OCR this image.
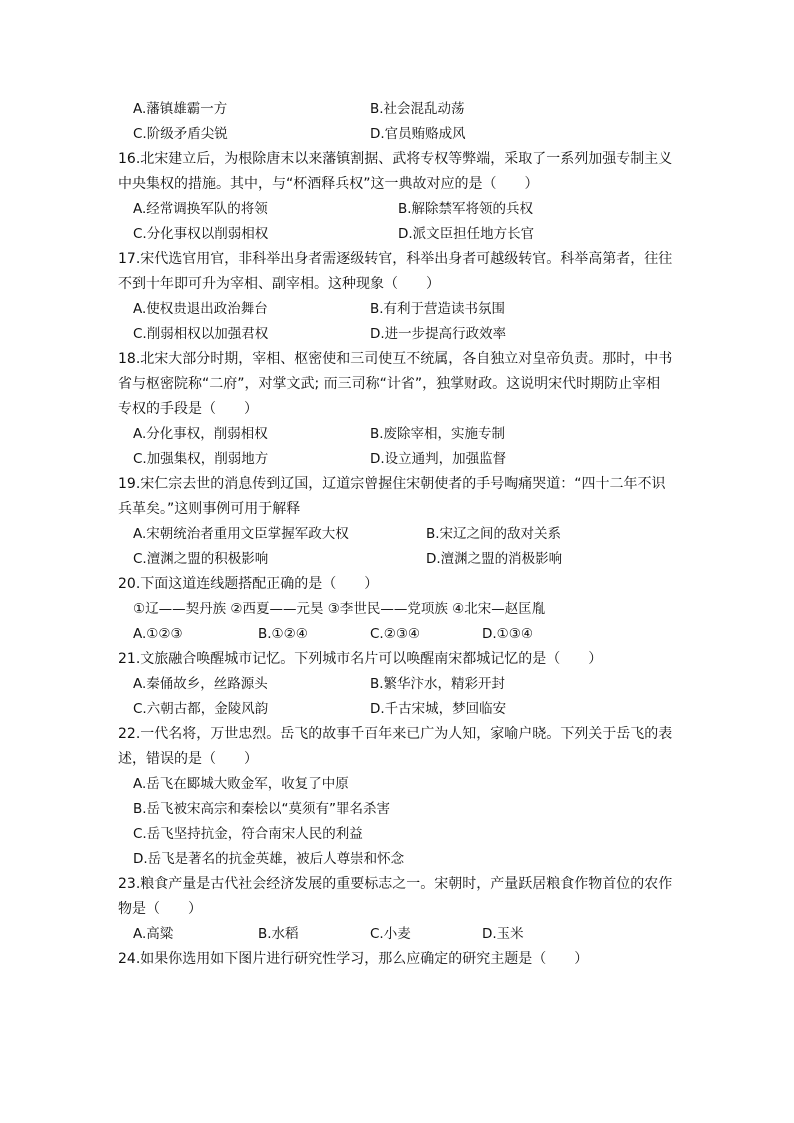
A.藩镇雄霸一方	B.社会混乱动荡
C.阶级矛盾尖锐	D.官员贿赂成风
16.北宋建立后，为根除唐末以来藩镇割据、武将专权等弊端，采取了一系列加强专制主义
中央集权的措施。其中，与“杯酒释兵权”这一典故对应的是（　　）
A.经常调换军队的将领	B.解除禁军将领的兵权
C.分化事权以削弱相权	D.派文臣担任地方长官
17.宋代选官用官，非科举出身者需逐级转官，科举出身者可越级转官。科举高第者，往往
不到十年即可升为宰相、副宰相。这种现象（　　）
A.使权贵退出政治舞台	B.有利于营造读书氛围
C.削弱相权以加强君权	D.进一步提高行政效率
18.北宋大部分时期，宰相、枢密使和三司使互不统属，各自独立对皇帝负责。那时，中书
省与枢密院称“二府”，对掌文武; 而三司称“计省”，独掌财政。这说明宋代时期防止宰相
专权的手段是（　　）
A.分化事权，削弱相权	B.废除宰相，实施专制
C.加强集权，削弱地方	D.设立通判，加强监督
19.宋仁宗去世的消息传到辽国，辽道宗曾握住宋朝使者的手号啕痛哭道：“四十二年不识
兵革矣。”这则事例可用于解释
A.宋朝统治者重用文臣掌握军政大权	B.宋辽之间的敌对关系
C.澶渊之盟的积极影响	D.澶渊之盟的消极影响
20.下面这道连线题搭配正确的是（　　）
①辽——契丹族 ②西夏——元昊 ③李世民——党项族 ④北宋—赵匡胤
A.①②③	B.①②④	C.②③④	D.①③④
21.文旅融合唤醒城市记忆。下列城市名片可以唤醒南宋都城记忆的是（　　）
A.秦俑故乡，丝路源头	B.繁华汴水，精彩开封
C.六朝古都，金陵风韵	D.千古宋城，梦回临安
22.一代名将，万世忠烈。岳飞的故事千百年来已广为人知，家喻户晓。下列关于岳飞的表
述，错误的是（　　）
A.岳飞在郾城大败金军，收复了中原
B.岳飞被宋高宗和秦桧以“莫须有”罪名杀害
C.岳飞坚持抗金，符合南宋人民的利益
D.岳飞是著名的抗金英雄，被后人尊崇和怀念
23.粮食产量是古代社会经济发展的重要标志之一。宋朝时，产量跃居粮食作物首位的农作
物是（　　）
A.高粱	B.水稻	C.小麦	D.玉米
24.如果你选用如下图片进行研究性学习，那么应确定的研究主题是（　　）
